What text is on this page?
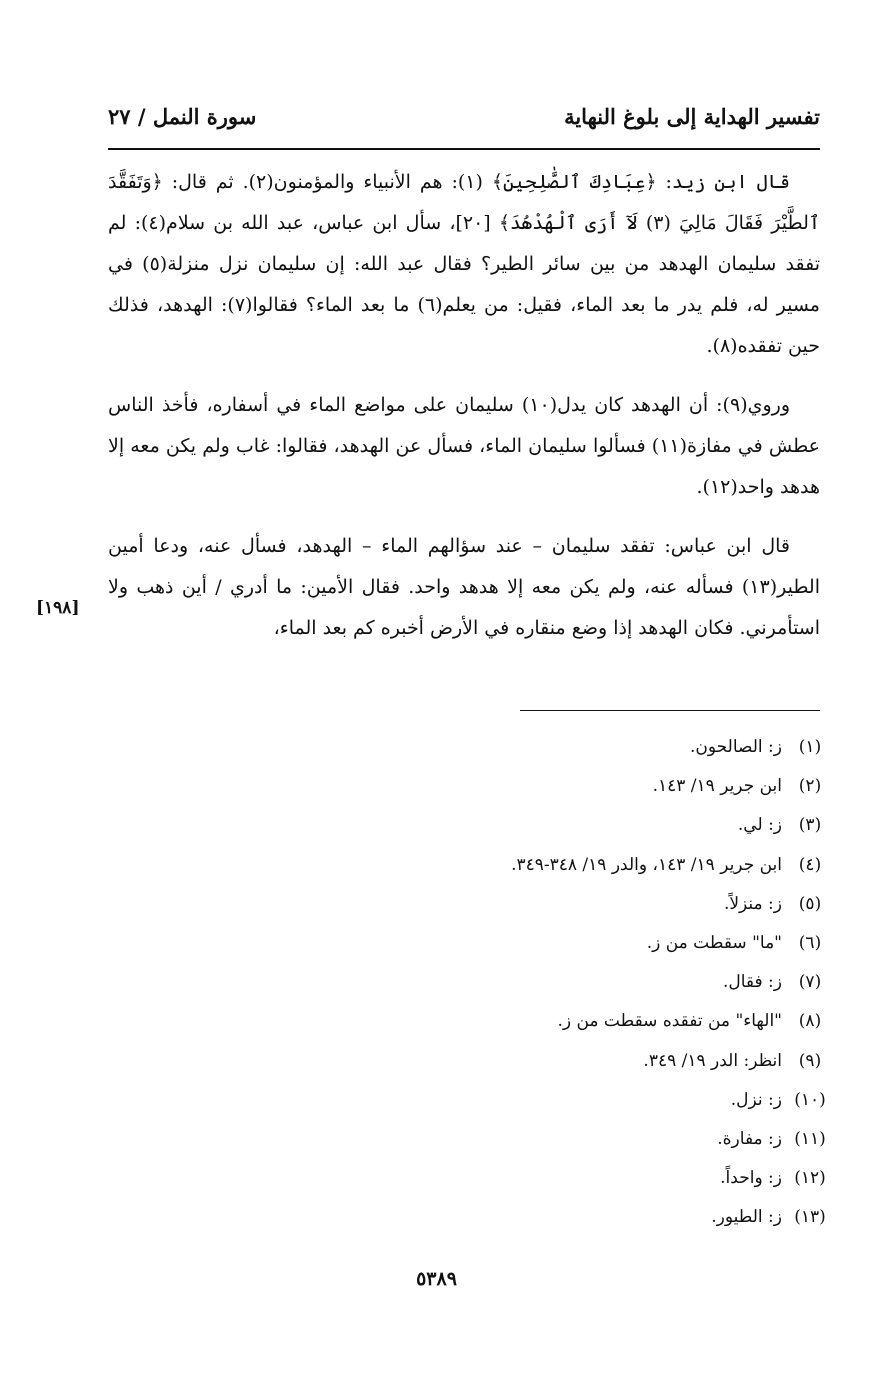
تفسير الهداية إلى بلوغ النهاية
سورة النمل / ٢٧

قال ابن زيد: ﴿عِبَادِكَ ٱلصَّٰلِحِينَ﴾ (١): هم الأنبياء والمؤمنون(٢). ثم قال: ﴿وَتَفَقَّدَ ٱلطَّيْرَ فَقَالَ مَالِيَ (٣) لَآ أَرَى ٱلْهُدْهُدَ﴾ [٢٠]، سأل ابن عباس، عبد الله بن سلام(٤): لم تفقد سليمان الهدهد من بين سائر الطير؟ فقال عبد الله: إن سليمان نزل منزلة(٥) في مسير له، فلم يدر ما بعد الماء، فقيل: من يعلم(٦) ما بعد الماء؟ فقالوا(٧): الهدهد، فذلك حين تفقده(٨).

وروي(٩): أن الهدهد كان يدل(١٠) سليمان على مواضع الماء في أسفاره، فأخذ الناس عطش في مفازة(١١) فسألوا سليمان الماء، فسأل عن الهدهد، فقالوا: غاب ولم يكن معه إلا هدهد واحد(١٢).

قال ابن عباس: تفقد سليمان – عند سؤالهم الماء – الهدهد، فسأل عنه، ودعا أمين الطير(١٣) فسأله عنه، ولم يكن معه إلا هدهد واحد. فقال الأمين: ما أدري / أين ذهب ولا استأمرني. فكان الهدهد إذا وضع منقاره في الأرض أخبره كم بعد الماء،

[١٩٨]
(١)
ز: الصالحون.
(٢)
ابن جرير ١٩/ ١٤٣.
(٣)
ز: لي.
(٤)
ابن جرير ١٩/ ١٤٣، والدر ١٩/ ٣٤٨-٣٤٩.
(٥)
ز: منزلاً.
(٦)
"ما" سقطت من ز.
(٧)
ز: فقال.
(٨)
"الهاء" من تفقده سقطت من ز.
(٩)
انظر: الدر ١٩/ ٣٤٩.
(١٠)
ز: نزل.
(١١)
ز: مفارة.
(١٢)
ز: واحداً.
(١٣)
ز: الطيور.
٥٣٨٩
